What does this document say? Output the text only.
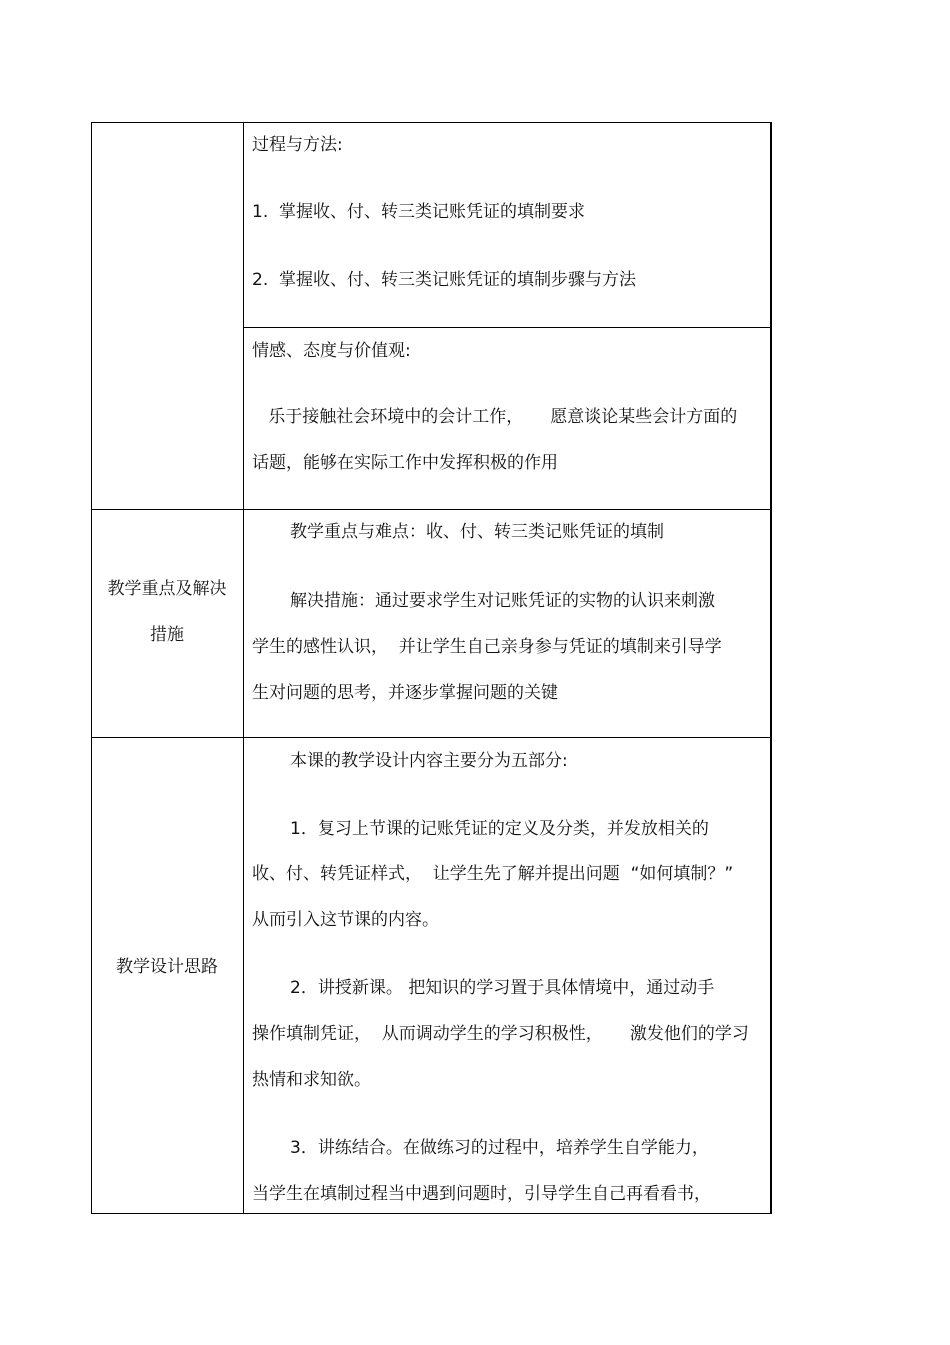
过程与方法:
1.  掌握收、付、转三类记账凭证的填制要求
2.  掌握收、付、转三类记账凭证的填制步骤与方法
情感、态度与价值观:
乐于接触社会环境中的会计工作，     愿意谈论某些会计方面的
话题，能够在实际工作中发挥积极的作用
教学重点及解决
措施
教学重点与难点：收、付、转三类记账凭证的填制
解决措施：通过要求学生对记账凭证的实物的认识来刺激
学生的感性认识，  并让学生自己亲身参与凭证的填制来引导学
生对问题的思考，并逐步掌握问题的关键
教学设计思路
本课的教学设计内容主要分为五部分:
1．复习上节课的记账凭证的定义及分类，并发放相关的
收、付、转凭证样式，  让学生先了解并提出问题  “如何填制？”
从而引入这节课的内容。
2．讲授新课。 把知识的学习置于具体情境中，通过动手
操作填制凭证，  从而调动学生的学习积极性，     激发他们的学习
热情和求知欲。
3．讲练结合。在做练习的过程中，培养学生自学能力，
当学生在填制过程当中遇到问题时，引导学生自己再看看书，
